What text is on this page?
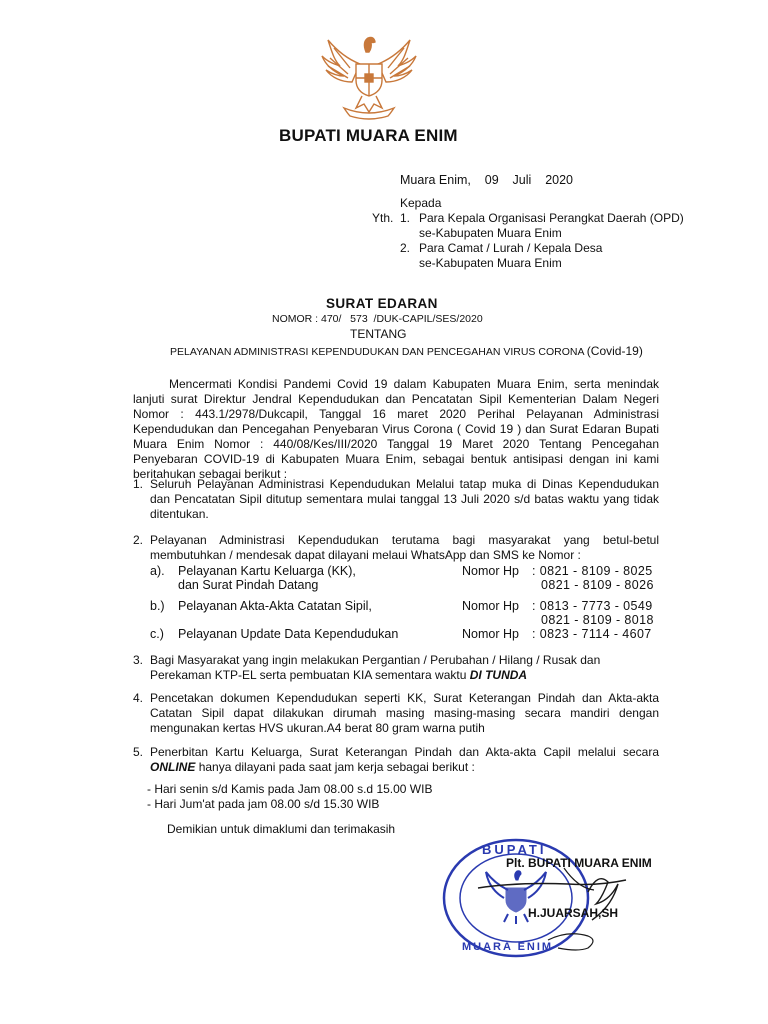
BUPATI MUARA ENIM
Muara Enim,    09    Juli    2020
Kepada
Yth. 1. Para Kepala Organisasi Perangkat Daerah (OPD)
se-Kabupaten Muara Enim
2. Para Camat / Lurah / Kepala Desa
se-Kabupaten Muara Enim
SURAT EDARAN
NOMOR : 470/   573  /DUK-CAPIL/SES/2020
TENTANG
PELAYANAN ADMINISTRASI KEPENDUDUKAN DAN PENCEGAHAN VIRUS CORONA (Covid-19)
Mencermati Kondisi Pandemi Covid 19 dalam Kabupaten Muara Enim, serta menindak lanjuti surat Direktur Jendral Kependudukan dan Pencatatan Sipil Kementerian Dalam Negeri Nomor : 443.1/2978/Dukcapil, Tanggal 16 maret 2020 Perihal Pelayanan Administrasi Kependudukan dan Pencegahan Penyebaran Virus Corona ( Covid 19 ) dan Surat Edaran Bupati Muara Enim Nomor : 440/08/Kes/III/2020 Tanggal 19 Maret 2020 Tentang Pencegahan Penyebaran COVID-19 di Kabupaten Muara Enim, sebagai bentuk antisipasi dengan ini kami beritahukan sebagai berikut :
1. Seluruh Pelayanan Administrasi Kependudukan Melalui tatap muka di Dinas Kependudukan dan Pencatatan Sipil ditutup sementara mulai tanggal 13 Juli 2020 s/d batas waktu yang tidak ditentukan.
2. Pelayanan Administrasi Kependudukan terutama bagi masyarakat yang betul-betul membutuhkan / mendesak dapat dilayani melaui WhatsApp dan SMS ke Nomor :
a). Pelayanan Kartu Keluarga (KK),
dan Surat Pindah Datang
Nomor Hp : 0821 - 8109 - 8025
0821 - 8109 - 8026
b.) Pelayanan Akta-Akta Catatan Sipil,	Nomor Hp : 0813 - 7773 - 0549
0821 - 8109 - 8018
c.) Pelayanan Update Data Kependudukan	Nomor Hp : 0823 - 7114 - 4607
3. Bagi Masyarakat yang ingin melakukan Pergantian / Perubahan / Hilang / Rusak dan Perekaman KTP-EL serta pembuatan KIA sementara waktu DI TUNDA
4. Pencetakan dokumen Kependudukan seperti KK, Surat Keterangan Pindah dan Akta-akta Catatan Sipil dapat dilakukan dirumah masing masing-masing secara mandiri dengan mengunakan kertas HVS ukuran.A4 berat 80 gram warna putih
5. Penerbitan Kartu Keluarga, Surat Keterangan Pindah dan Akta-akta Capil melalui secara ONLINE hanya dilayani pada saat jam kerja sebagai berikut :
- Hari senin s/d Kamis pada Jam 08.00 s.d 15.00 WIB
- Hari Jum'at pada jam 08.00 s/d 15.30 WIB
Demikian untuk dimaklumi dan terimakasih
BUPATI
MUARA ENIM
Plt. BUPATI MUARA ENIM
H.JUARSAH,SH
